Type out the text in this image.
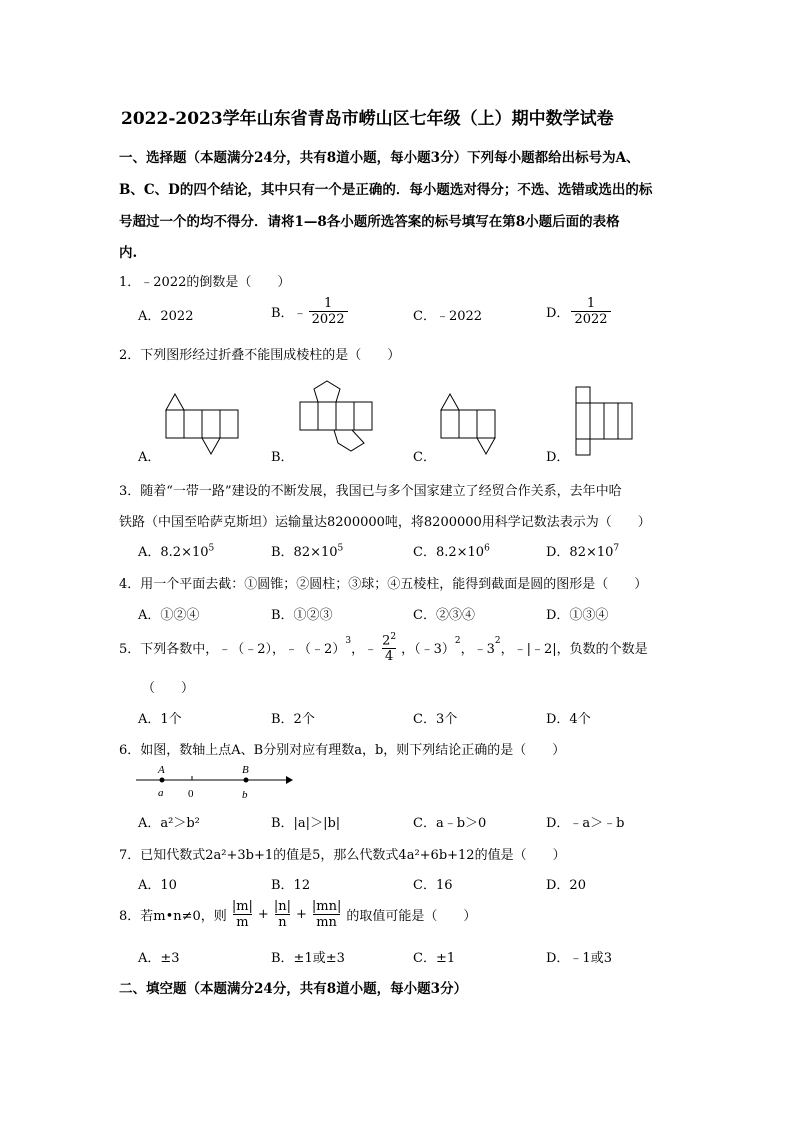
2022-2023学年山东省青岛市崂山区七年级（上）期中数学试卷
一、选择题（本题满分24分，共有8道小题，每小题3分）下列每小题都给出标号为A、
B、C、D的四个结论，其中只有一个是正确的．每小题选对得分；不选、选错或选出的标
号超过一个的均不得分．请将1—8各小题所选答案的标号填写在第8小题后面的表格
内.
1．﹣2022的倒数是（　　）
A．2022	B．﹣ $\frac{1}{2022}$	C．﹣2022	D． $\frac{1}{2022}$
2．下列图形经过折叠不能围成棱柱的是（　　）
A．	B．	C．	D．
3．随着“一带一路”建设的不断发展，我国已与多个国家建立了经贸合作关系，去年中哈
铁路（中国至哈萨克斯坦）运输量达8200000吨，将8200000用科学记数法表示为（　　）
A．$8.2\times 10^5$	B．$82\times 10^5$	C．$8.2\times 10^6$	D．$82\times 10^7$
4．用一个平面去截：①圆锥；②圆柱；③球；④五棱柱，能得到截面是圆的图形是（　　）
A．①②④	B．①②③	C．②③④	D．①③④
5．下列各数中，﹣（﹣2），﹣（﹣2）
$^3$
，﹣ $\frac{2^2}{4}$ ，（﹣3）
$^2$
，﹣3
$^2$
，﹣|﹣2|，负数的个数是
（　　）
A．1个	B．2个	C．3个	D．4个
6．如图，数轴上点A、B分别对应有理数a，b，则下列结论正确的是（　　）
A
a 0
B
b
A．a²＞b²	B．|a|＞|b|	C．a﹣b＞0	D．﹣a＞﹣b
7．已知代数式2a²+3b+1的值是5，那么代数式4a²+6b+12的值是（　　）
A．10	B．12	C．16	D．20
8．若m•n≠0，则 $\frac{|m|}{m} + \frac{|n|}{n} + \frac{|mn|}{mn}$ 的取值可能是（　　）
A．±3	B．±1或±3	C．±1	D．﹣1或3
二、填空题（本题满分24分，共有8道小题，每小题3分）
